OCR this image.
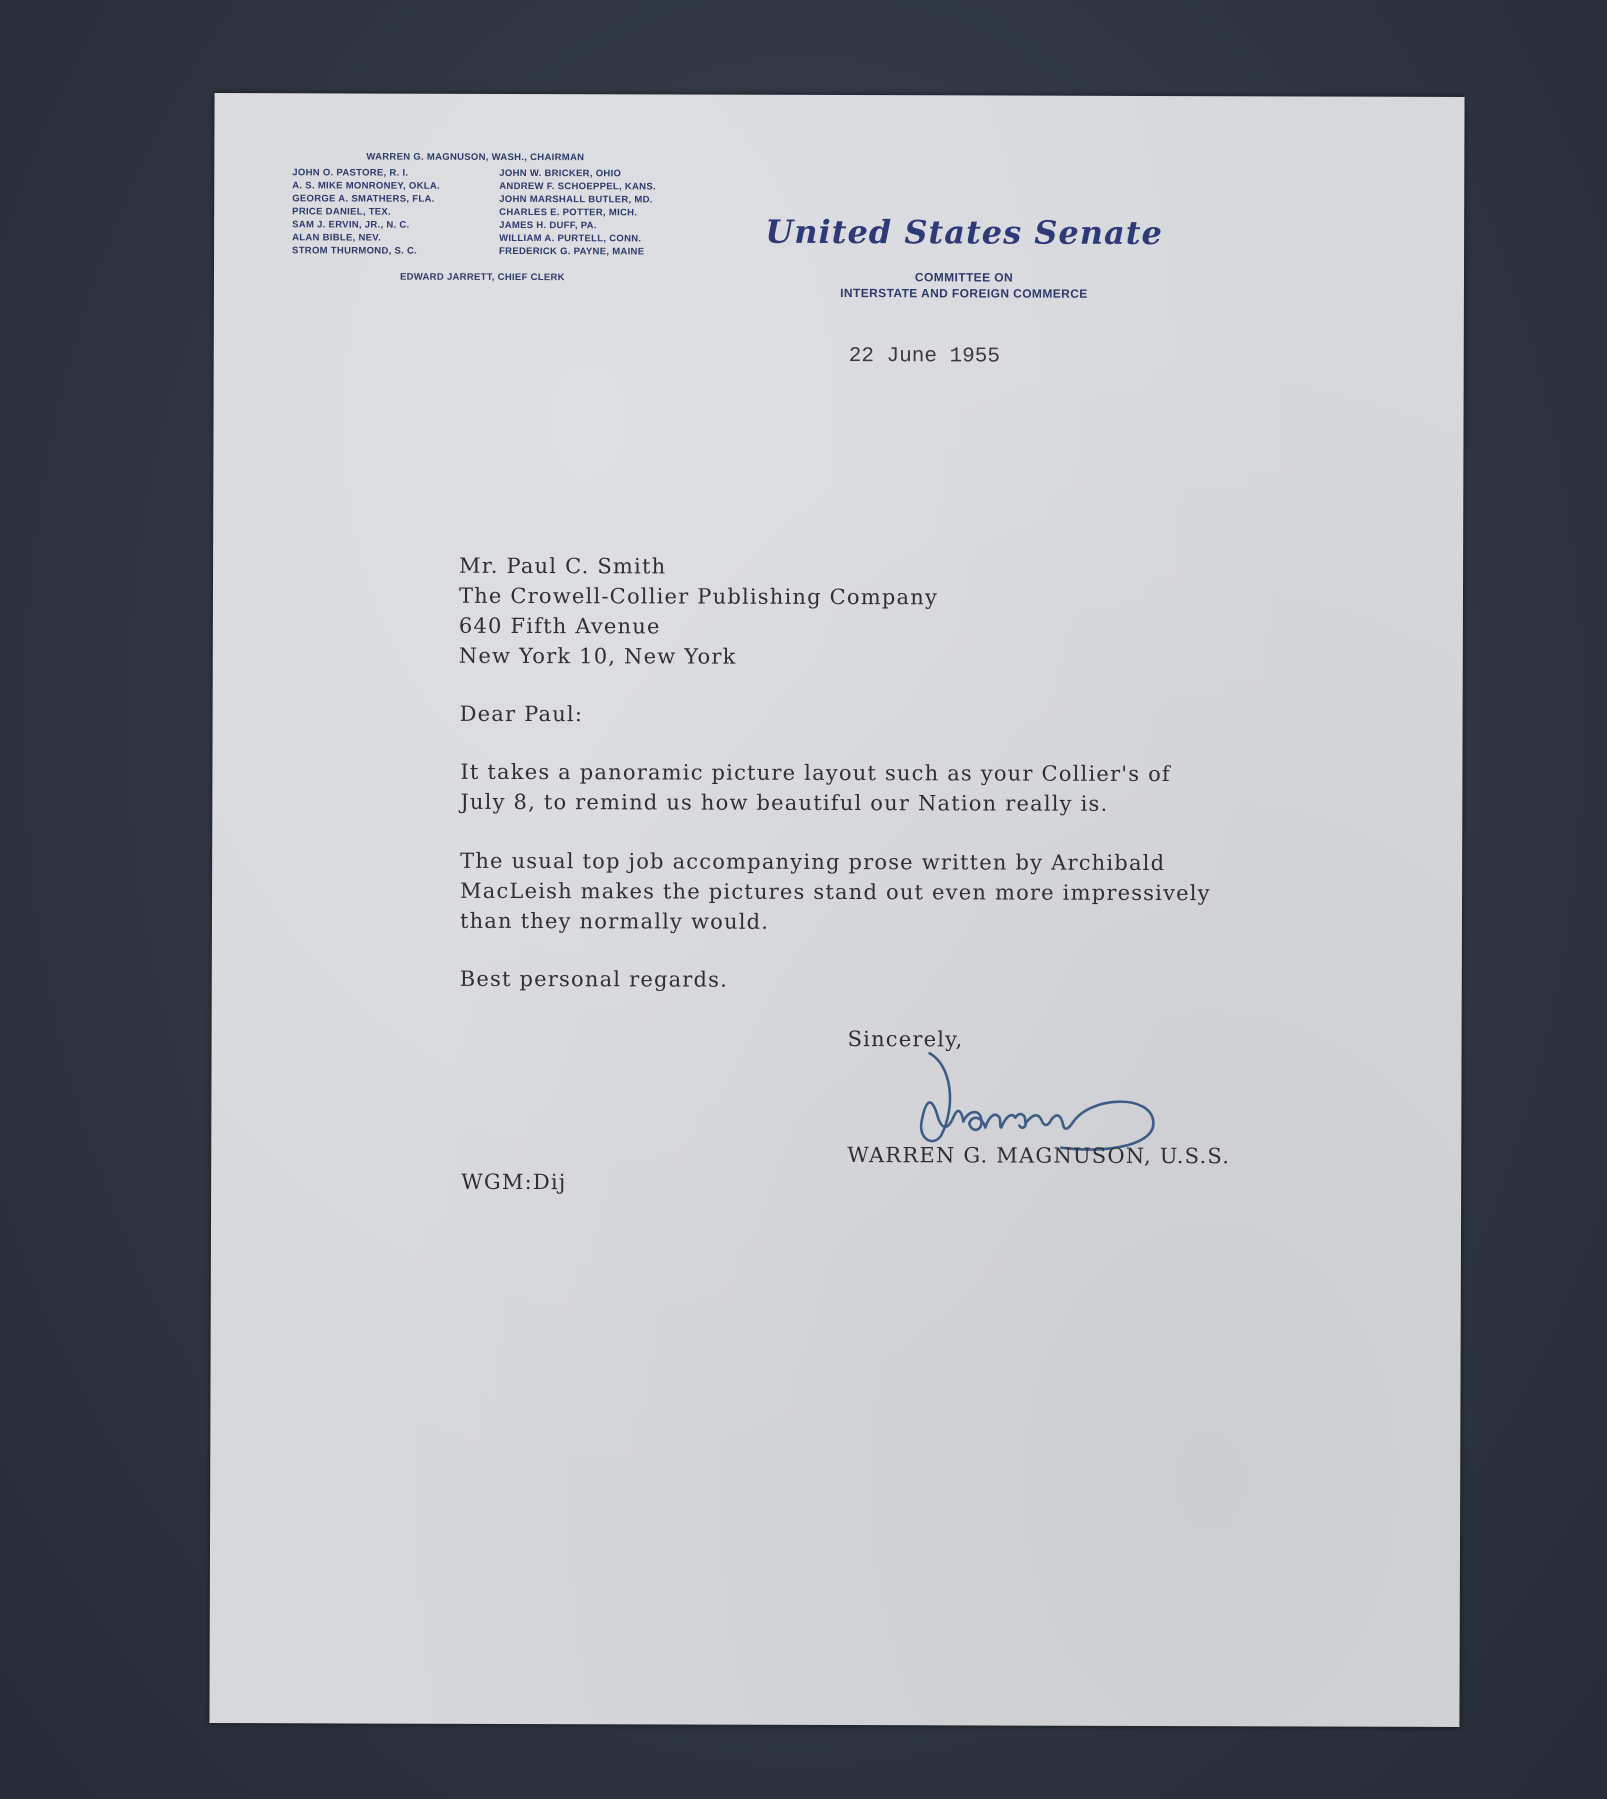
WARREN G. MAGNUSON, WASH., CHAIRMAN
JOHN O. PASTORE, R. I.
A. S. MIKE MONRONEY, OKLA.
GEORGE A. SMATHERS, FLA.
PRICE DANIEL, TEX.
SAM J. ERVIN, JR., N. C.
ALAN BIBLE, NEV.
STROM THURMOND, S. C.
JOHN W. BRICKER, OHIO
ANDREW F. SCHOEPPEL, KANS.
JOHN MARSHALL BUTLER, MD.
CHARLES E. POTTER, MICH.
JAMES H. DUFF, PA.
WILLIAM A. PURTELL, CONN.
FREDERICK G. PAYNE, MAINE
EDWARD JARRETT, CHIEF CLERK
United States Senate
COMMITTEE ON
INTERSTATE AND FOREIGN COMMERCE
22 June 1955
Mr. Paul C. Smith
The Crowell-Collier Publishing Company
640 Fifth Avenue
New York 10, New York
Dear Paul:
It takes a panoramic picture layout such as your Collier's of
July 8, to remind us how beautiful our Nation really is.
The usual top job accompanying prose written by Archibald
MacLeish makes the pictures stand out even more impressively
than they normally would.
Best personal regards.
Sincerely,
WARREN G. MAGNUSON, U.S.S.
WGM:Dij
